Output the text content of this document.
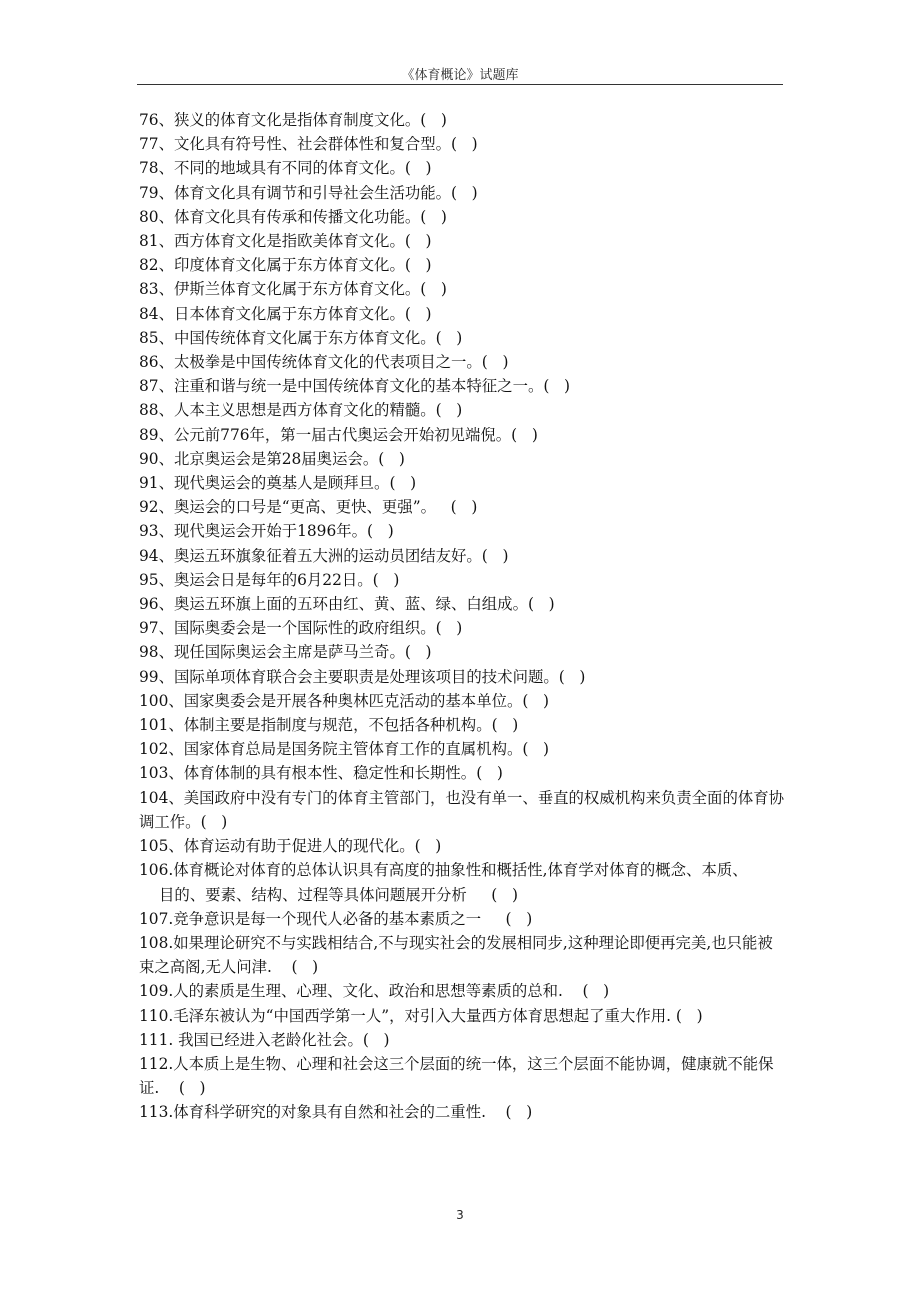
《体育概论》试题库

76、狭义的体育文化是指体育制度文化。(   )

77、文化具有符号性、社会群体性和复合型。(   )

78、不同的地域具有不同的体育文化。(   )

79、体育文化具有调节和引导社会生活功能。(   )

80、体育文化具有传承和传播文化功能。(   )

81、西方体育文化是指欧美体育文化。(   )

82、印度体育文化属于东方体育文化。(   )

83、伊斯兰体育文化属于东方体育文化。(   )

84、日本体育文化属于东方体育文化。(   )

85、中国传统体育文化属于东方体育文化。(   )

86、太极拳是中国传统体育文化的代表项目之一。(   )

87、注重和谐与统一是中国传统体育文化的基本特征之一。(   )

88、人本主义思想是西方体育文化的精髓。(   )

89、公元前776年，第一届古代奥运会开始初见端倪。(   )

90、北京奥运会是第28届奥运会。(   )

91、现代奥运会的奠基人是顾拜旦。(   )

92、奥运会的口号是“更高、更快、更强”。   (   )

93、现代奥运会开始于1896年。(   )

94、奥运五环旗象征着五大洲的运动员团结友好。(   )

95、奥运会日是每年的6月22日。(   )

96、奥运五环旗上面的五环由红、黄、蓝、绿、白组成。(   )

97、国际奥委会是一个国际性的政府组织。(   )

98、现任国际奥运会主席是萨马兰奇。(   )

99、国际单项体育联合会主要职责是处理该项目的技术问题。(   )

100、国家奥委会是开展各种奥林匹克活动的基本单位。(   )

101、体制主要是指制度与规范，不包括各种机构。(   )

102、国家体育总局是国务院主管体育工作的直属机构。(   )

103、体育体制的具有根本性、稳定性和长期性。(   )

104、美国政府中没有专门的体育主管部门，也没有单一、垂直的权威机构来负责全面的体育协调工作。(   )

105、体育运动有助于促进人的现代化。(   )

106.体育概论对体育的总体认识具有高度的抽象性和概括性,体育学对体育的概念、本质、

目的、要素、结构、过程等具体问题展开分析     (   )

107.竞争意识是每一个现代人必备的基本素质之一     (   )

108.如果理论研究不与实践相结合,不与现实社会的发展相同步,这种理论即便再完美,也只能被束之高阁,无人问津.    (   )

109.人的素质是生理、心理、文化、政治和思想等素质的总和.    (   )

110.毛泽东被认为“中国西学第一人”，对引入大量西方体育思想起了重大作用. (   )

111. 我国已经进入老龄化社会。(   )

112.人本质上是生物、心理和社会这三个层面的统一体，这三个层面不能协调，健康就不能保证.    (   )

113.体育科学研究的对象具有自然和社会的二重性.    (   )

3
